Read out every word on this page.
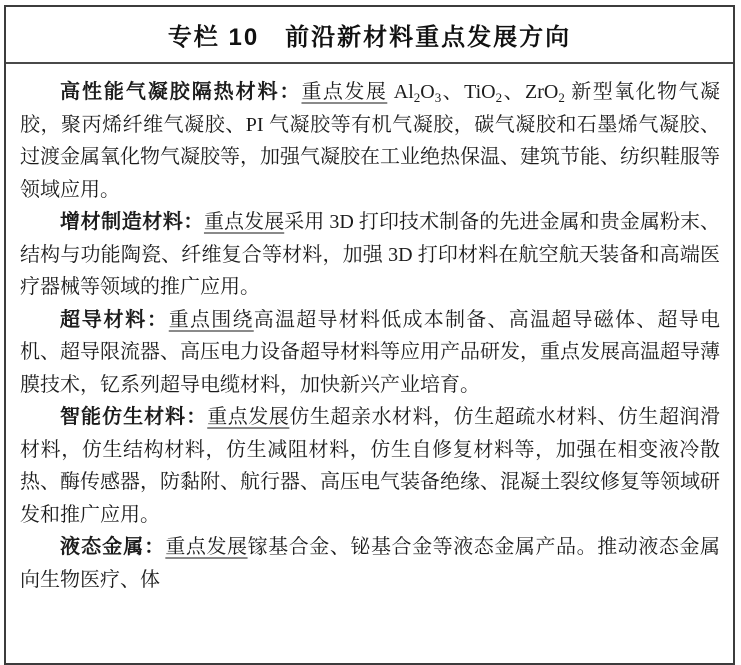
专栏 10　前沿新材料重点发展方向

高性能气凝胶隔热材料：重点发展 $Al_2O_3$、TiO$_2$、ZrO$_2$ 新型氧化物气凝胶，聚丙烯纤维气凝胶、PI 气凝胶等有机气凝胶，碳气凝胶和石墨烯气凝胶、过渡金属氧化物气凝胶等，加强气凝胶在工业绝热保温、建筑节能、纺织鞋服等领域应用。

增材制造材料：重点发展采用 3D 打印技术制备的先进金属和贵金属粉末、结构与功能陶瓷、纤维复合等材料，加强 3D 打印材料在航空航天装备和高端医疗器械等领域的推广应用。

超导材料：重点围绕高温超导材料低成本制备、高温超导磁体、超导电机、超导限流器、高压电力设备超导材料等应用产品研发，重点发展高温超导薄膜技术，钇系列超导电缆材料，加快新兴产业培育。

智能仿生材料：重点发展仿生超亲水材料，仿生超疏水材料、仿生超润滑材料，仿生结构材料，仿生减阻材料，仿生自修复材料等，加强在相变液冷散热、酶传感器，防黏附、航行器、高压电气装备绝缘、混凝土裂纹修复等领域研发和推广应用。

液态金属：重点发展镓基合金、铋基合金等液态金属产品。推动液态金属向生物医疗、体
